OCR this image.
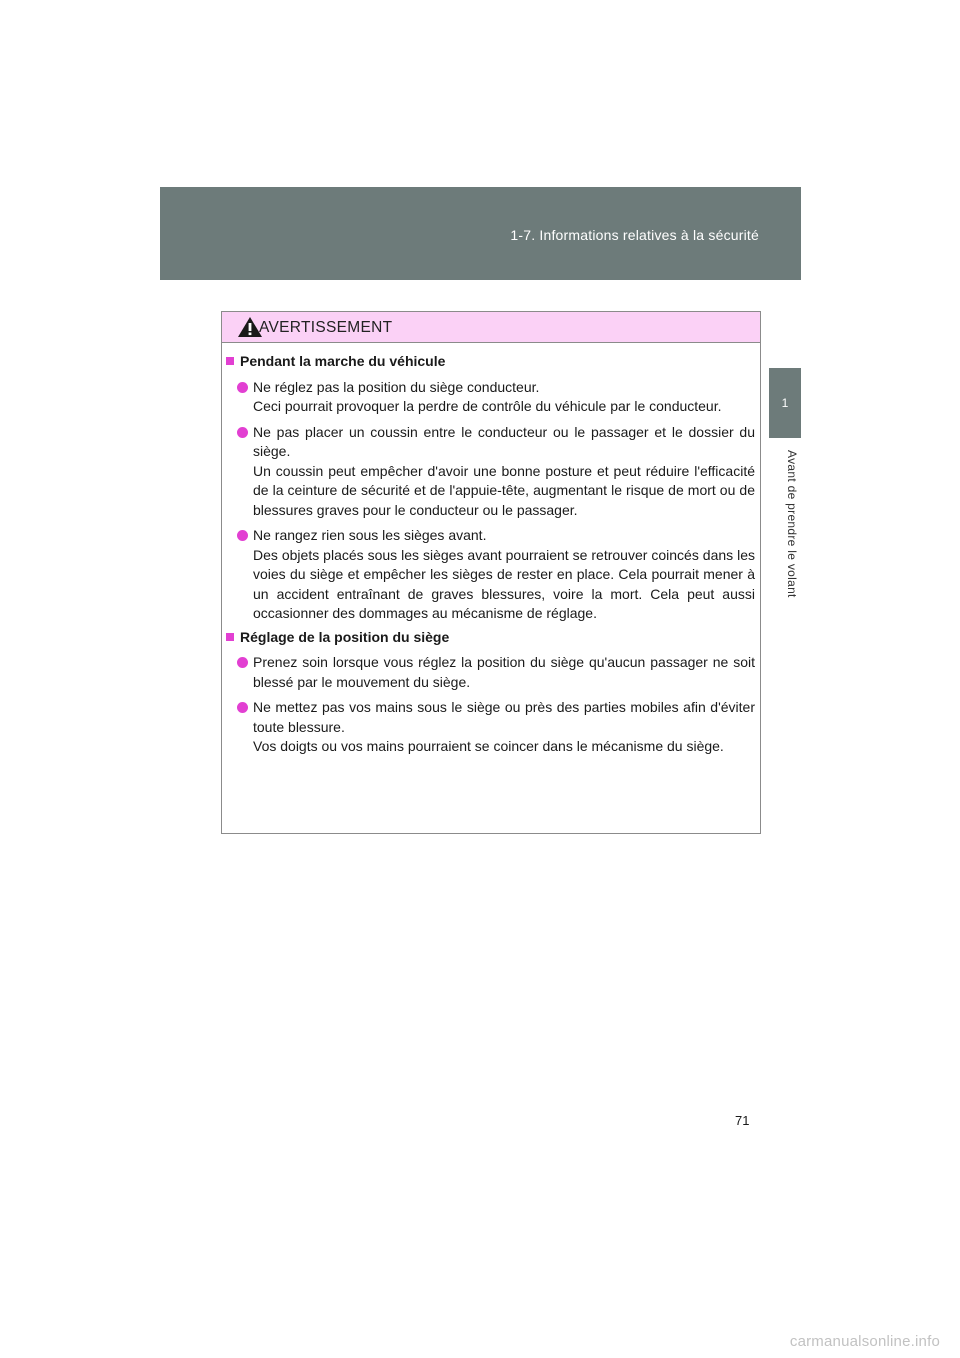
1-7. Informations relatives à la sécurité
1
Avant de prendre le volant
AVERTISSEMENT
Pendant la marche du véhicule

Ne réglez pas la position du siège conducteur.

Ceci pourrait provoquer la perdre de contrôle du véhicule par le conducteur.

Ne pas placer un coussin entre le conducteur ou le passager et le dossier du siège.

Un coussin peut empêcher d'avoir une bonne posture et peut réduire l'efficacité de la ceinture de sécurité et de l'appuie-tête, augmentant le risque de mort ou de blessures graves pour le conducteur ou le passager.

Ne rangez rien sous les sièges avant.

Des objets placés sous les sièges avant pourraient se retrouver coincés dans les voies du siège et empêcher les sièges de rester en place. Cela pourrait mener à un accident entraînant de graves blessures, voire la mort. Cela peut aussi occasionner des dommages au mécanisme de réglage.

Réglage de la position du siège

Prenez soin lorsque vous réglez la position du siège qu'aucun passager ne soit blessé par le mouvement du siège.

Ne mettez pas vos mains sous le siège ou près des parties mobiles afin d'éviter toute blessure.

Vos doigts ou vos mains pourraient se coincer dans le mécanisme du siège.

71
carmanualsonline.info
